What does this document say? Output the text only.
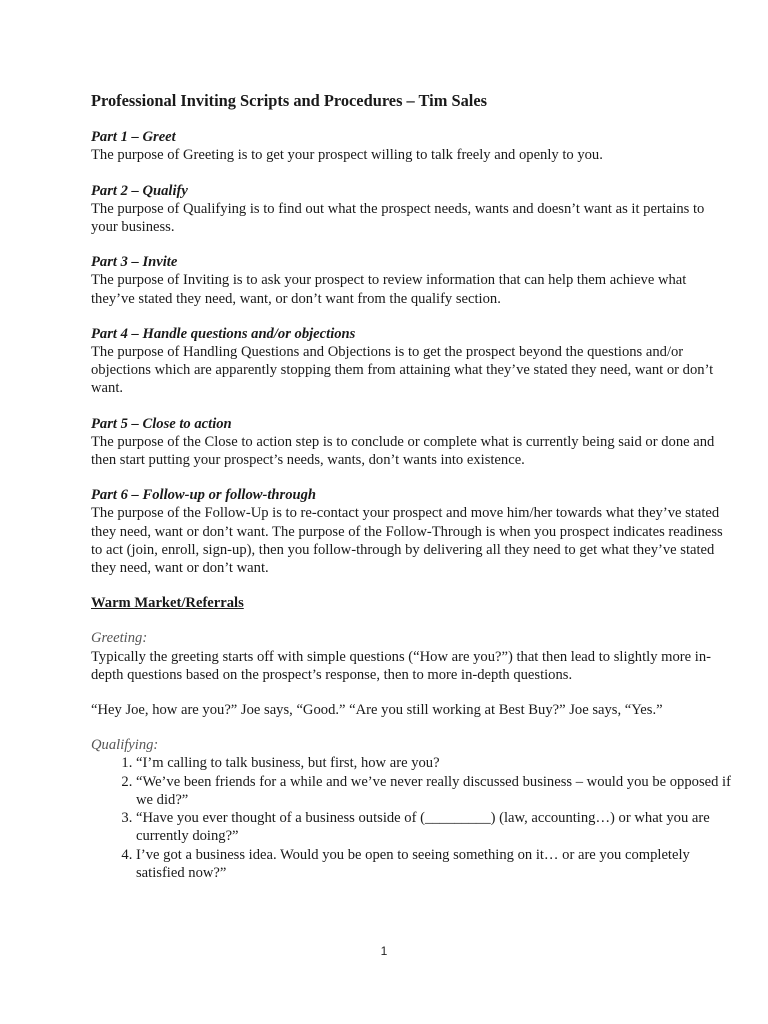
Professional Inviting Scripts and Procedures – Tim Sales
Part 1 – Greet

The purpose of Greeting is to get your prospect willing to talk freely and openly to you.

Part 2 – Qualify

The purpose of Qualifying is to find out what the prospect needs, wants and doesn’t want as it pertains to your business.

Part 3 – Invite

The purpose of Inviting is to ask your prospect to review information that can help them achieve what they’ve stated they need, want, or don’t want from the qualify section.

Part 4 – Handle questions and/or objections

The purpose of Handling Questions and Objections is to get the prospect beyond the questions and/or objections which are apparently stopping them from attaining what they’ve stated they need, want or don’t want.

Part 5 – Close to action

The purpose of the Close to action step is to conclude or complete what is currently being said or done and then start putting your prospect’s needs, wants, don’t wants into existence.

Part 6 – Follow-up or follow-through

The purpose of the Follow-Up is to re-contact your prospect and move him/her towards what they’ve stated they need, want or don’t want. The purpose of the Follow-Through is when you prospect indicates readiness to act (join, enroll, sign-up), then you follow-through by delivering all they need to get what they’ve stated they need, want or don’t want.

Warm Market/Referrals
Greeting:

Typically the greeting starts off with simple questions (“How are you?”) that then lead to slightly more in-depth questions based on the prospect’s response, then to more in-depth questions.

“Hey Joe, how are you?” Joe says, “Good.” “Are you still working at Best Buy?” Joe says, “Yes.”
Qualifying:
1. “I’m calling to talk business, but first, how are you?
2. “We’ve been friends for a while and we’ve never really discussed business – would you be opposed if we did?”
3. “Have you ever thought of a business outside of (_________) (law, accounting…) or what you are currently doing?”
4. I’ve got a business idea. Would you be open to seeing something on it… or are you completely satisfied now?”
1
